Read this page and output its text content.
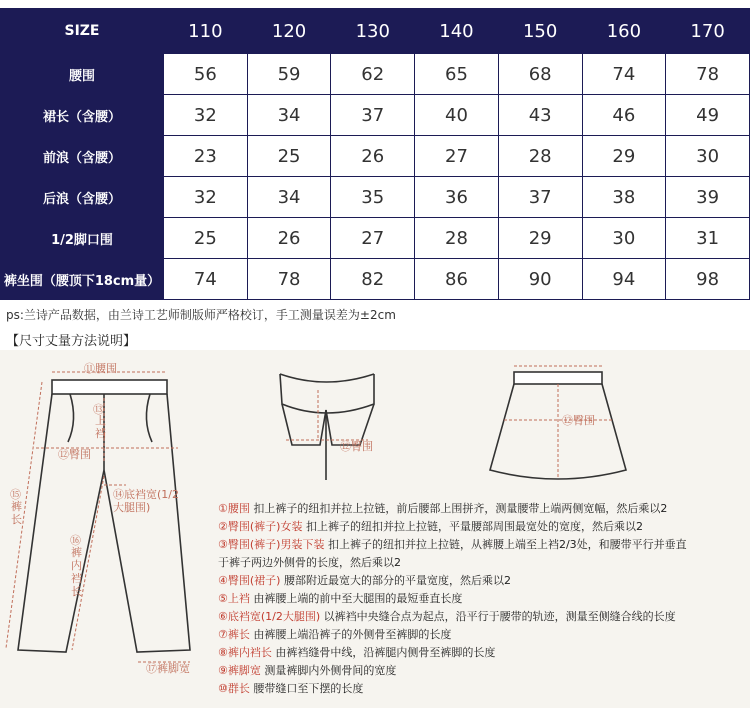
SIZE	110	120	130	140	150	160	170
腰围	56	59	62	65	68	74	78
裙长（含腰）	32	34	37	40	43	46	49
前浪（含腰）	23	25	26	27	28	29	30
后浪（含腰）	32	34	35	36	37	38	39
1/2脚口围	25	26	27	28	29	30	31
裤坐围（腰顶下18cm量）	74	78	82	86	90	94	98
ps:兰诗产品数据，由兰诗工艺师制版师严格校订，手工测量误差为±2cm
【尺寸丈量方法说明】
⑪腰围
⑬
上裆
⑫臀围
⑭底裆宽(1/2大腿围)
⑮
裤长
⑯
裤内裆长
⑰裤脚宽
⑫臀围
⑫臀围
①腰围 扣上裤子的纽扣并拉上拉链，前后腰部上围拼齐，测量腰带上端两侧宽幅，然后乘以2
②臀围(裤子)女装 扣上裤子的纽扣并拉上拉链，平量腰部周围最宽处的宽度，然后乘以2
③臀围(裤子)男装下装 扣上裤子的纽扣并拉上拉链，从裤腰上端至上裆2/3处，和腰带平行并垂直
于裤子两边外侧骨的长度，然后乘以2
④臀围(裙子) 腰部附近最宽大的部分的平量宽度，然后乘以2
⑤上裆 由裤腰上端的前中至大腿围的最短垂直长度
⑥底裆宽(1/2大腿围) 以裤裆中央缝合点为起点，沿平行于腰带的轨迹，测量至侧缝合线的长度
⑦裤长 由裤腰上端沿裤子的外侧骨至裤脚的长度
⑧裤内裆长 由裤裆缝骨中线，沿裤腿内侧骨至裤脚的长度
⑨裤脚宽 测量裤脚内外侧骨间的宽度
⑩群长 腰带缝口至下摆的长度
